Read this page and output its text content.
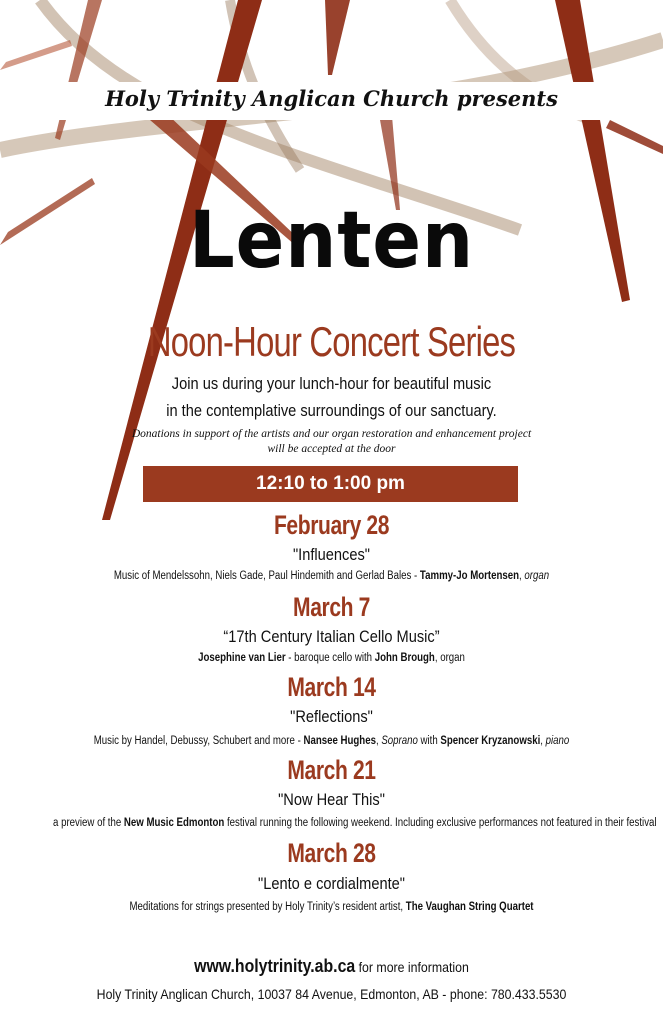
Holy Trinity Anglican Church presents
Lenten
Noon-Hour Concert Series
Join us during your lunch-hour for beautiful music
in the contemplative surroundings of our sanctuary.
Donations in support of the artists and our organ restoration and enhancement project
will be accepted at the door
12:10 to 1:00 pm
February 28
"Influences"
Music of Mendelssohn, Niels Gade, Paul Hindemith and Gerlad Bales - Tammy-Jo Mortensen, organ
March 7
“17th Century Italian Cello Music”
Josephine van Lier - baroque cello with John Brough, organ
March 14
"Reflections"
Music by Handel, Debussy, Schubert and more - Nansee Hughes, Soprano with Spencer Kryzanowski, piano
March 21
"Now Hear This"
a preview of the New Music Edmonton festival running the following weekend. Including exclusive performances not featured in their festival
March 28
"Lento e cordialmente"
Meditations for strings presented by Holy Trinity’s resident artist, The Vaughan String Quartet
www.holytrinity.ab.ca for more information
Holy Trinity Anglican Church, 10037 84 Avenue, Edmonton, AB - phone: 780.433.5530
